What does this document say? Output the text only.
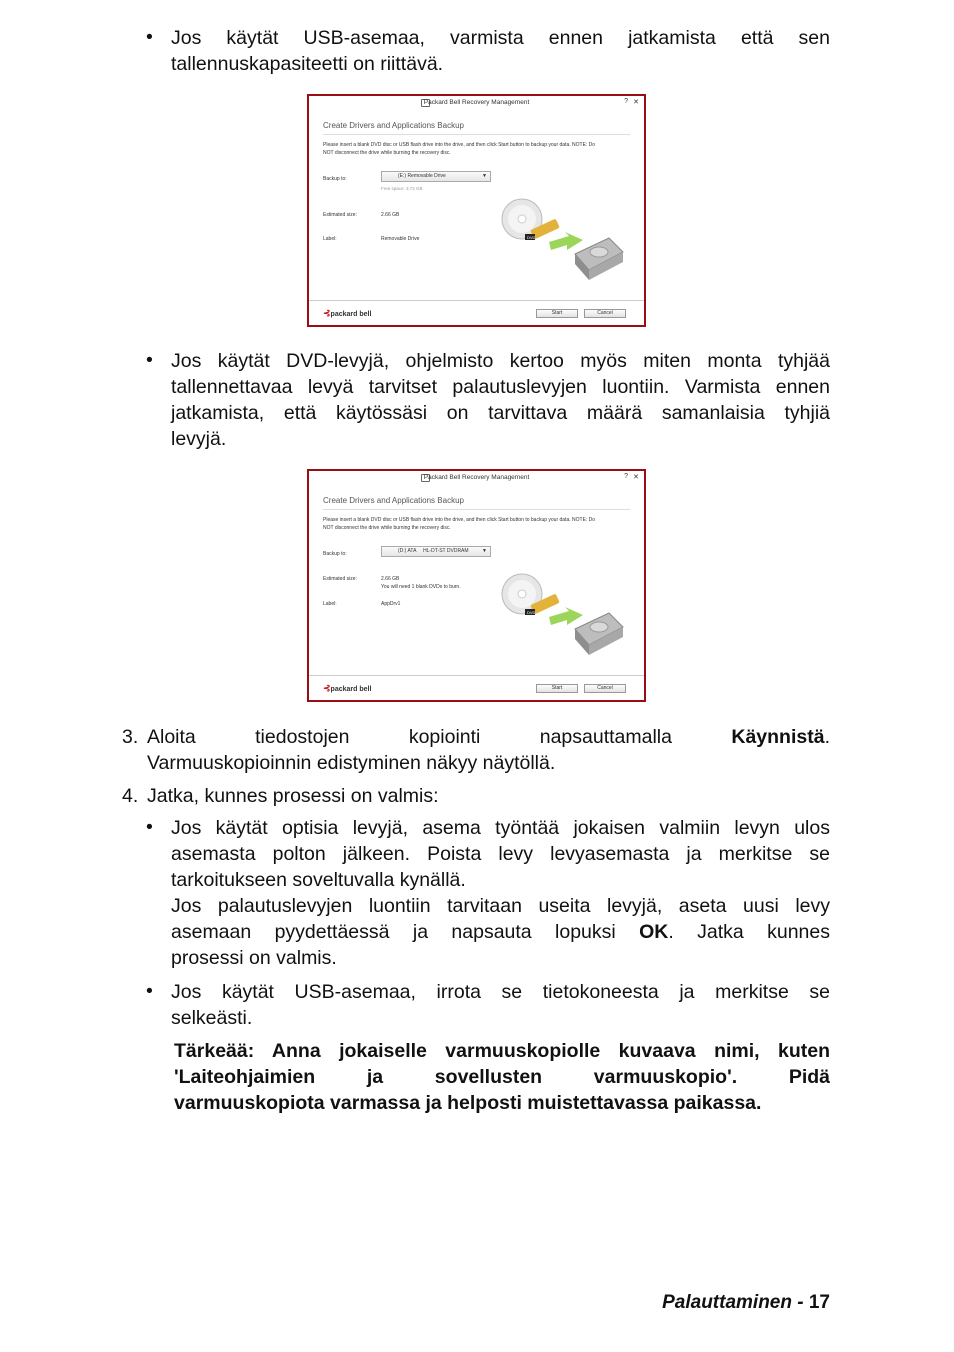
• Jos käytät USB-asemaa, varmista ennen jatkamista että sen
tallennuskapasiteetti on riittävä.
Packard Bell Recovery Management	? ✕
Create Drivers and Applications Backup
Please insert a blank DVD disc or USB flash drive into the drive, and then click Start button to backup your data. NOTE: Do
NOT disconnect the drive while burning the recovery disc.
Backup to:	(E:) Removable Drive	▼
Free space: 3.72 GB
Estimated size:	2.66 GB
Label:	Removable Drive	DVD
⊰packard bell	Start	Cancel
• Jos käytät DVD-levyjä, ohjelmisto kertoo myös miten monta tyhjää
tallennettavaa levyä tarvitset palautuslevyjen luontiin. Varmista ennen
jatkamista, että käytössäsi on tarvittava määrä samanlaisia tyhjiä
levyjä.
Packard Bell Recovery Management	? ✕
Create Drivers and Applications Backup
Please insert a blank DVD disc or USB flash drive into the drive, and then click Start button to backup your data. NOTE: Do
NOT disconnect the drive while burning the recovery disc.
Backup to:	(D:) ATA     HL-DT-ST DVDRAM	▼
Estimated size:	2.66 GB
You will need 1 blank DVDs to burn.
Label:	AppDrv1
DVD
⊰packard bell	Start	Cancel
3. Aloita	tiedostojen	kopiointi	napsauttamalla	Käynnistä.
Varmuuskopioinnin edistyminen näkyy näytöllä.
4. Jatka, kunnes prosessi on valmis:
• Jos käytät optisia levyjä, asema työntää jokaisen valmiin levyn ulos
asemasta polton jälkeen. Poista levy levyasemasta ja merkitse se
tarkoitukseen soveltuvalla kynällä.
Jos palautuslevyjen luontiin tarvitaan useita levyjä, aseta uusi levy
asemaan pyydettäessä ja napsauta lopuksi OK. Jatka kunnes
prosessi on valmis.
• Jos käytät USB-asemaa, irrota se tietokoneesta ja merkitse se
selkeästi.
Tärkeää: Anna jokaiselle varmuuskopiolle kuvaava nimi, kuten
'Laiteohjaimien ja sovellusten varmuuskopio'. Pidä
varmuuskopiota varmassa ja helposti muistettavassa paikassa.
Palauttaminen - 17
